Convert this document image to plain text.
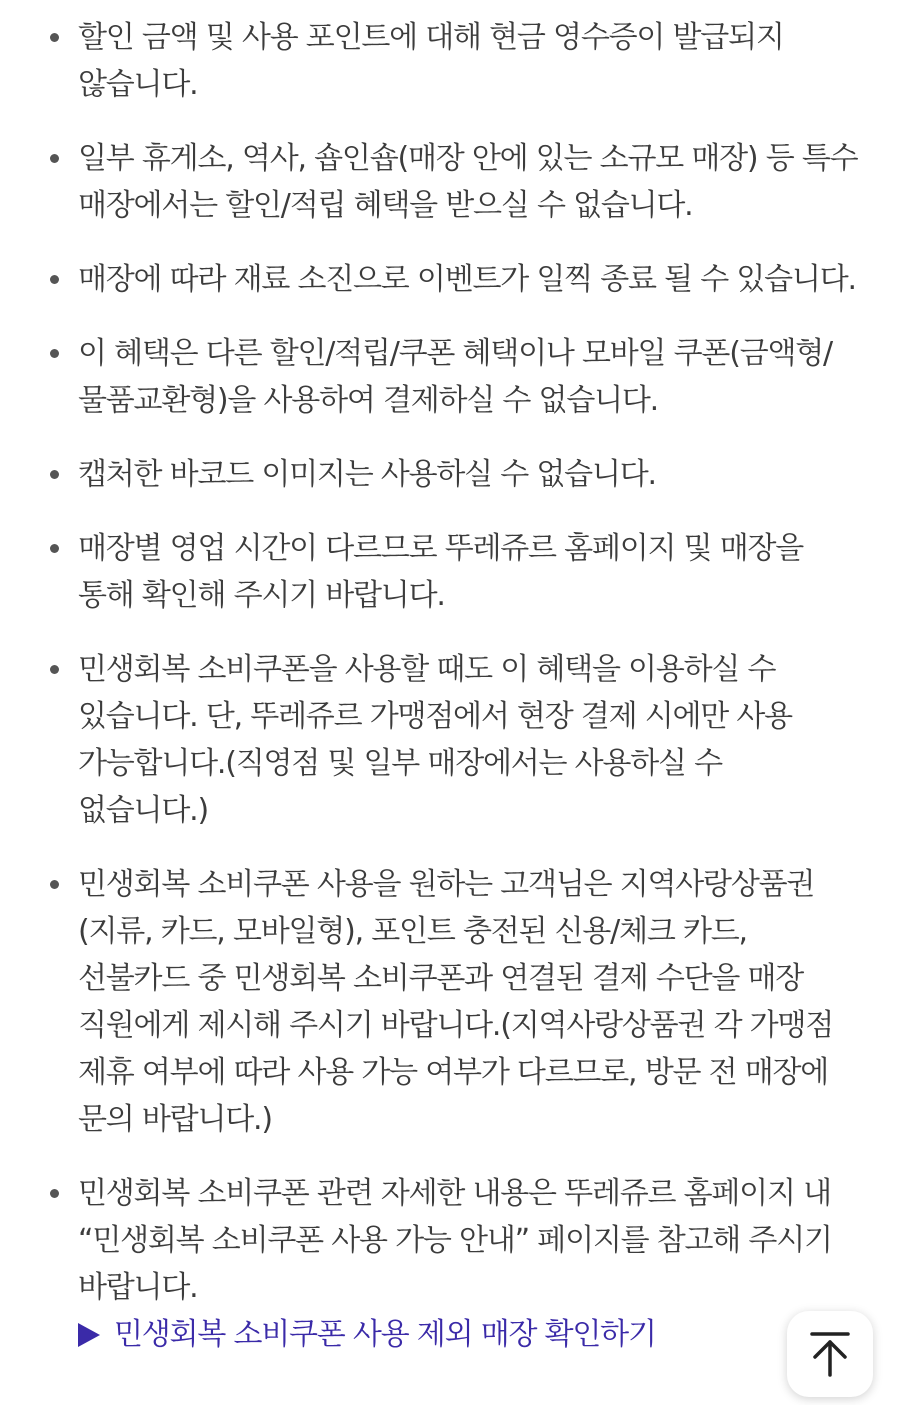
할인 금액 및 사용 포인트에 대해 현금 영수증이 발급되지 않습니다.
일부 휴게소, 역사, 숍인숍(매장 안에 있는 소규모 매장) 등 특수 매장에서는 할인/적립 혜택을 받으실 수 없습니다.
매장에 따라 재료 소진으로 이벤트가 일찍 종료 될 수 있습니다.
이 혜택은 다른 할인/적립/쿠폰 혜택이나 모바일 쿠폰(금액형/물품교환형)을 사용하여 결제하실 수 없습니다.
캡처한 바코드 이미지는 사용하실 수 없습니다.
매장별 영업 시간이 다르므로 뚜레쥬르 홈페이지 및 매장을 통해 확인해 주시기 바랍니다.
민생회복 소비쿠폰을 사용할 때도 이 혜택을 이용하실 수 있습니다. 단, 뚜레쥬르 가맹점에서 현장 결제 시에만 사용 가능합니다.(직영점 및 일부 매장에서는 사용하실 수 없습니다.)
민생회복 소비쿠폰 사용을 원하는 고객님은 지역사랑상품권(지류, 카드, 모바일형), 포인트 충전된 신용/체크 카드, 선불카드 중 민생회복 소비쿠폰과 연결된 결제 수단을 매장 직원에게 제시해 주시기 바랍니다.(지역사랑상품권 각 가맹점 제휴 여부에 따라 사용 가능 여부가 다르므로, 방문 전 매장에 문의 바랍니다.)
민생회복 소비쿠폰 관련 자세한 내용은 뚜레쥬르 홈페이지 내 “민생회복 소비쿠폰 사용 가능 안내” 페이지를 참고해 주시기 바랍니다.
민생회복 소비쿠폰 사용 제외 매장 확인하기
